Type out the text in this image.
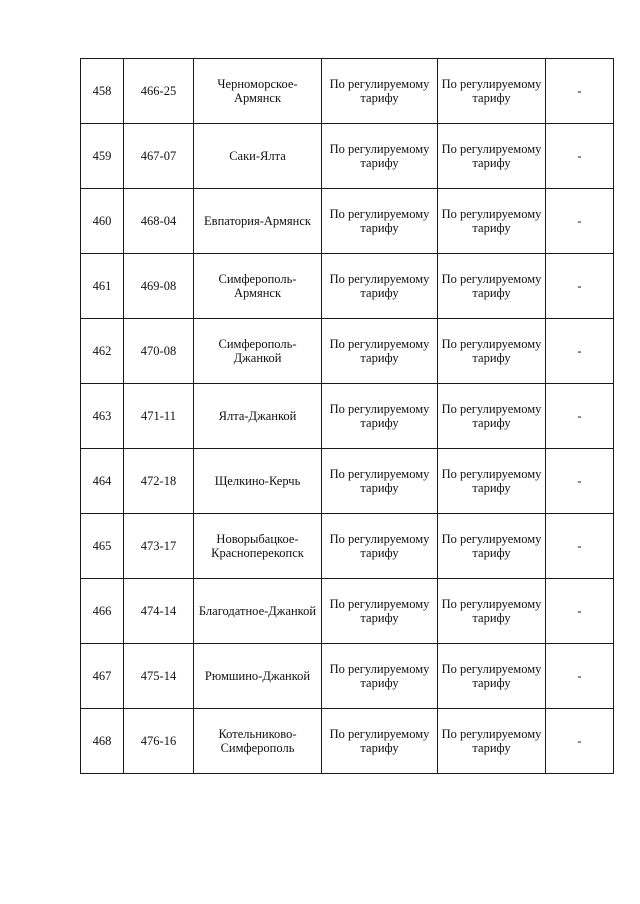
458	466-25	Черноморское-Армянск	По регулируемому тарифу	По регулируемому тарифу	-
459	467-07	Саки-Ялта	По регулируемому тарифу	По регулируемому тарифу	-
460	468-04	Евпатория-Армянск	По регулируемому тарифу	По регулируемому тарифу	-
461	469-08	Симферополь-Армянск	По регулируемому тарифу	По регулируемому тарифу	-
462	470-08	Симферополь-Джанкой	По регулируемому тарифу	По регулируемому тарифу	-
463	471-11	Ялта-Джанкой	По регулируемому тарифу	По регулируемому тарифу	-
464	472-18	Щелкино-Керчь	По регулируемому тарифу	По регулируемому тарифу	-
465	473-17	Новорыбацкое-Красноперекопск	По регулируемому тарифу	По регулируемому тарифу	-
466	474-14	Благодатное-Джанкой	По регулируемому тарифу	По регулируемому тарифу	-
467	475-14	Рюмшино-Джанкой	По регулируемому тарифу	По регулируемому тарифу	-
468	476-16	Котельниково-Симферополь	По регулируемому тарифу	По регулируемому тарифу	-
